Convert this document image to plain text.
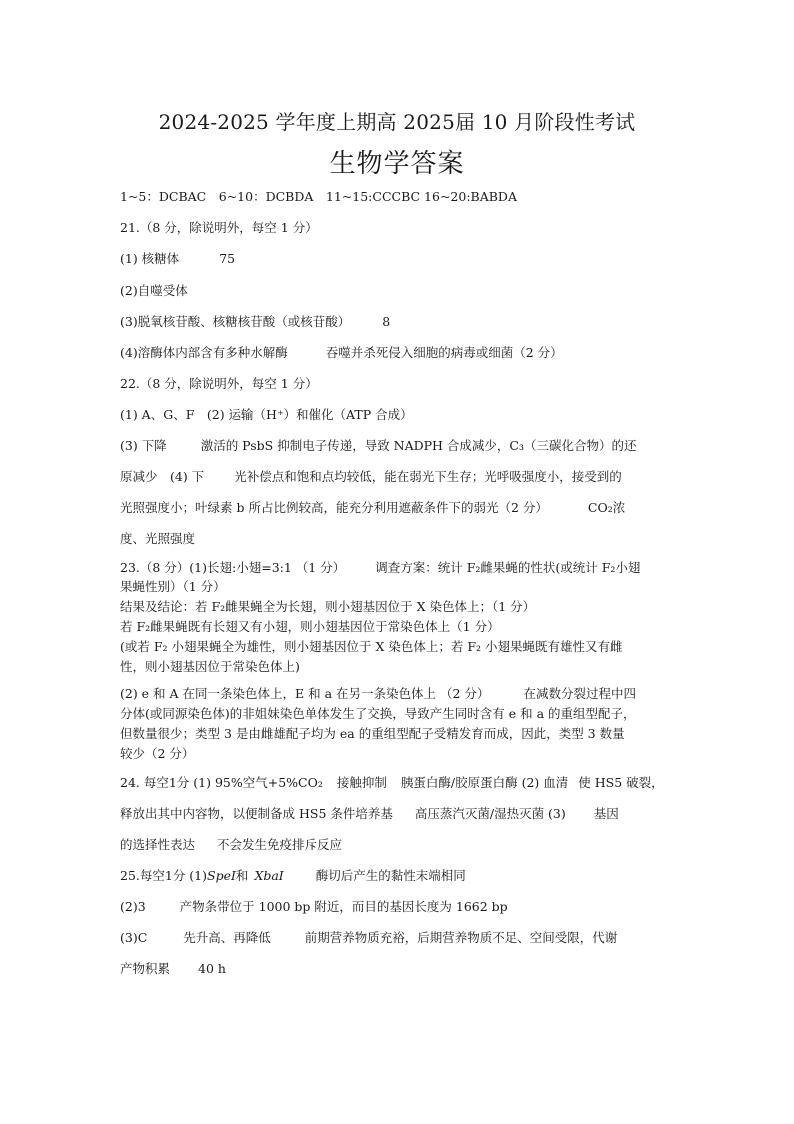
2024-2025 学年度上期高 2025届 10 月阶段性考试
生物学答案
1~5：DCBAC　6~10：DCBDA　11~15:CCCBC 16~20:BABDA
21.（8 分，除说明外，每空 1 分）
(1) 核糖体	75
(2)自噬受体
(3)脱氧核苷酸、核糖核苷酸（或核苷酸）	8
(4)溶酶体内部含有多种水解酶	吞噬并杀死侵入细胞的病毒或细菌（2 分）
22.（8 分，除说明外，每空 1 分）
(1) A、G、F　(2) 运输（H⁺）和催化（ATP 合成）
(3) 下降	激活的 PsbS 抑制电子传递，导致 NADPH 合成减少，C₃（三碳化合物）的还
原减少　(4) 下 光补偿点和饱和点均较低，能在弱光下生存；光呼吸强度小，接受到的
光照强度小；叶绿素 b 所占比例较高，能充分利用遮蔽条件下的弱光（2 分）	CO₂浓
度、光照强度
23.（8 分）(1)长翅:小翅=3:1 （1 分） 调查方案：统计 F₂雌果蝇的性状(或统计 F₂小翅
果蝇性别）（1 分）
结果及结论：若 F₂雌果蝇全为长翅，则小翅基因位于 X 染色体上；（1 分）
若 F₂雌果蝇既有长翅又有小翅，则小翅基因位于常染色体上（1 分）
(或若 F₂ 小翅果蝇全为雄性，则小翅基因位于 X 染色体上；若 F₂ 小翅果蝇既有雄性又有雌
性，则小翅基因位于常染色体上)
(2) e 和 A 在同一条染色体上，E 和 a 在另一条染色体上 （2 分）	在减数分裂过程中四
分体(或同源染色体)的非姐妹染色单体发生了交换，导致产生同时含有 e 和 a 的重组型配子，
但数量很少；类型 3 是由雌雄配子均为 ea 的重组型配子受精发育而成，因此，类型 3 数量
较少（2 分）
24. 每空1分 (1) 95%空气+5%CO₂ 接触抑制 胰蛋白酶/胶原蛋白酶 (2) 血清 使 HS5 破裂，
释放出其中内容物，以便制备成 HS5 条件培养基 高压蒸汽灭菌/湿热灭菌 (3) 基因
的选择性表达 不会发生免疫排斥反应
25.每空1分 (1)SpeI和 XbaI	酶切后产生的黏性末端相同
(2)3	产物条带位于 1000 bp 附近，而目的基因长度为 1662 bp
(3)C	先升高、再降低	前期营养物质充裕，后期营养物质不足、空间受限，代谢
产物积累 40 h
